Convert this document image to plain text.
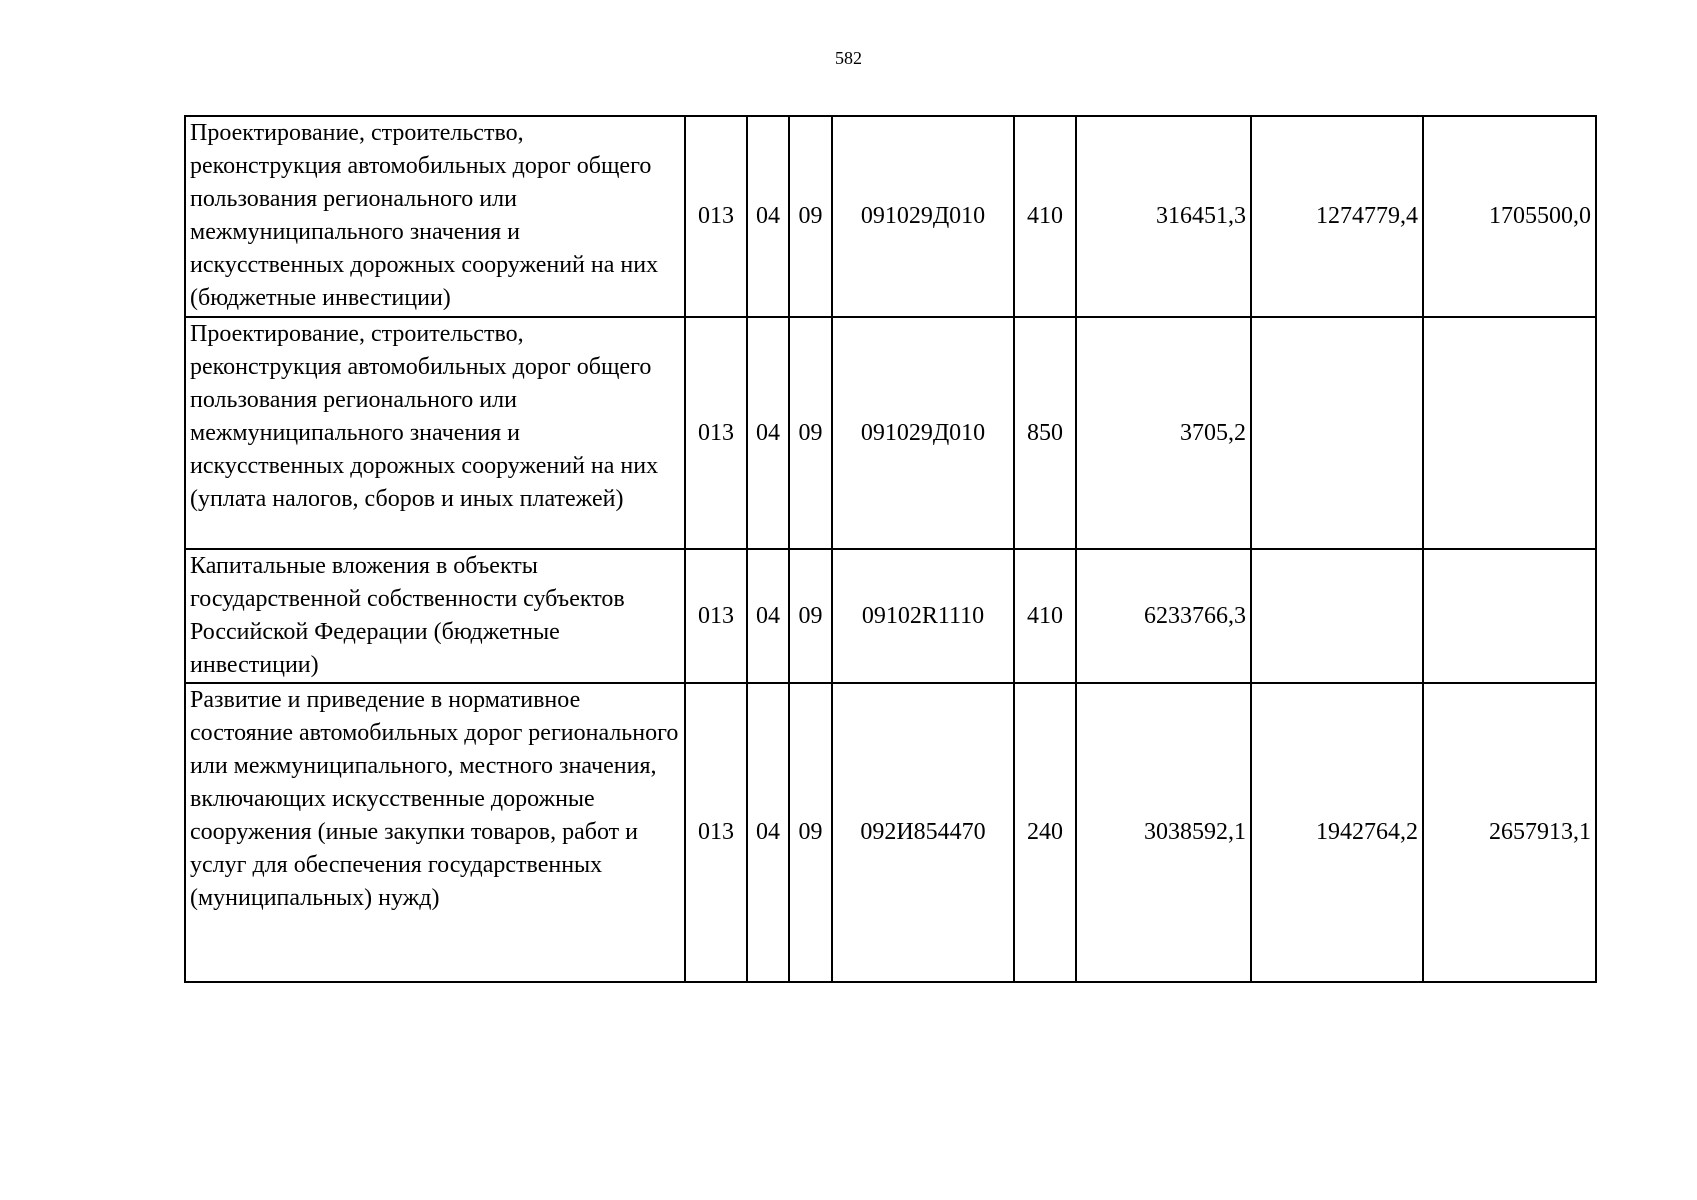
582
Проектирование, строительство, реконструкция автомобильных дорог общего пользования регионального или межмуниципального значения и искусственных дорожных сооружений на них (бюджетные инвестиции)	013	04	09	091029Д010	410	316451,3	1274779,4	1705500,0
Проектирование, строительство, реконструкция автомобильных дорог общего пользования регионального или межмуниципального значения и искусственных дорожных сооружений на них (уплата налогов, сборов и иных платежей)	013	04	09	091029Д010	850	3705,2		
Капитальные вложения в объекты государственной собственности субъектов Российской Федерации (бюджетные инвестиции)	013	04	09	09102R1110	410	6233766,3		
Развитие и приведение в нормативное состояние автомобильных дорог регионального или межмуниципального, местного значения, включающих искусственные дорожные сооружения (иные закупки товаров, работ и услуг для обеспечения государственных (муниципальных) нужд)	013	04	09	092И854470	240	3038592,1	1942764,2	2657913,1
